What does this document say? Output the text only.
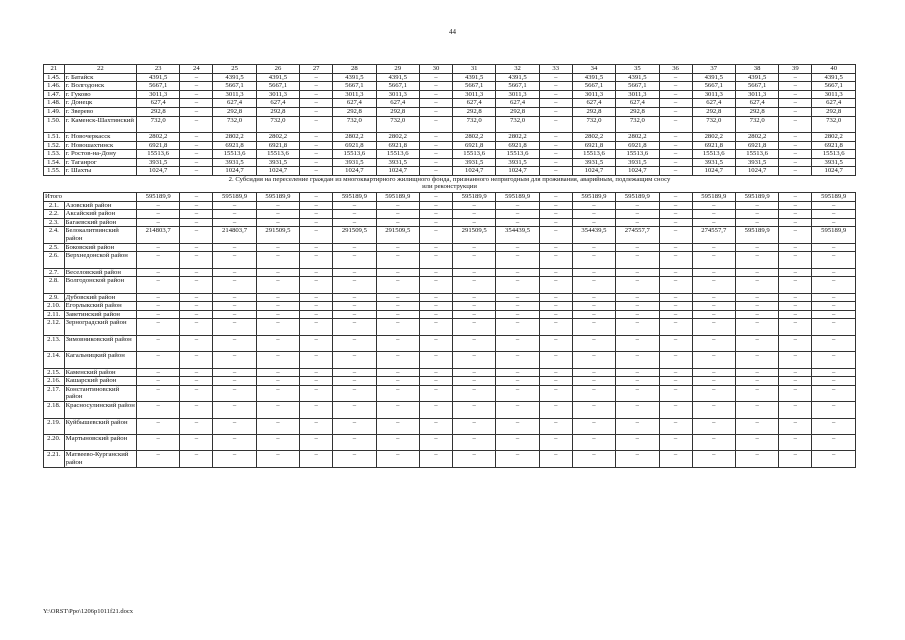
44
21	22	23	24	25	26	27	28	29	30	31	32	33	34	35	36	37	38	39	40
1.45.	г. Батайск	4391,5	–	4391,5	4391,5	–	4391,5	4391,5	–	4391,5	4391,5	–	4391,5	4391,5	–	4391,5	4391,5	–	4391,5
1.46.	г. Волгодонск	5667,1	–	5667,1	5667,1	–	5667,1	5667,1	–	5667,1	5667,1	–	5667,1	5667,1	–	5667,1	5667,1	–	5667,1
1.47.	г. Гуково	3011,3	–	3011,3	3011,3	–	3011,3	3011,3	–	3011,3	3011,3	–	3011,3	3011,3	–	3011,3	3011,3	–	3011,3
1.48.	г. Донецк	627,4	–	627,4	627,4	–	627,4	627,4	–	627,4	627,4	–	627,4	627,4	–	627,4	627,4	–	627,4
1.49.	г. Зверево	292,8	–	292,8	292,8	–	292,8	292,8	–	292,8	292,8	–	292,8	292,8	–	292,8	292,8	–	292,8
1.50.	г. Каменск-Шахтинский	732,0	–	732,0	732,0	–	732,0	732,0	–	732,0	732,0	–	732,0	732,0	–	732,0	732,0	–	732,0
1.51.	г. Новочеркасск	2802,2	–	2802,2	2802,2	–	2802,2	2802,2	–	2802,2	2802,2	–	2802,2	2802,2	–	2802,2	2802,2	–	2802,2
1.52.	г. Новошахтинск	6921,8	–	6921,8	6921,8	–	6921,8	6921,8	–	6921,8	6921,8	–	6921,8	6921,8	–	6921,8	6921,8	–	6921,8
1.53.	г. Ростов-на-Дону	15513,6	–	15513,6	15513,6	–	15513,6	15513,6	–	15513,6	15513,6	–	15513,6	15513,6	–	15513,6	15513,6	–	15513,6
1.54.	г. Таганрог	3931,5	–	3931,5	3931,5	–	3931,5	3931,5	–	3931,5	3931,5	–	3931,5	3931,5	–	3931,5	3931,5	–	3931,5
1.55.	г. Шахты	1024,7	–	1024,7	1024,7	–	1024,7	1024,7	–	1024,7	1024,7	–	1024,7	1024,7	–	1024,7	1024,7	–	1024,7
2. Субсидия на переселение граждан из многоквартирного жилищного фонда, признанного непригодным для проживания, аварийным, подлежащим сносу или реконструкции																			
Итого		595189,9	–	595189,9	595189,9	–	595189,9	595189,9	–	595189,9	595189,9	–	595189,9	595189,9	–	595189,9	595189,9	–	595189,9
2.1.	Азовский район	–	–	–	–	–	–	–	–	–	–	–	–	–	–	–	–	–	–
2.2.	Аксайский район	–	–	–	–	–	–	–	–	–	–	–	–	–	–	–	–	–	–
2.3.	Багаевский район	–	–	–	–	–	–	–	–	–	–	–	–	–	–	–	–	–	–
2.4.	Белокалитвинский район	214803,7	–	214803,7	291509,5	–	291509,5	291509,5	–	291509,5	354439,5	–	354439,5	274557,7	–	274557,7	595189,9	–	595189,9
2.5.	Боковский район	–	–	–	–	–	–	–	–	–	–	–	–	–	–	–	–	–	–
2.6.	Верхнедонской район	–	–	–	–	–	–	–	–	–	–	–	–	–	–	–	–	–	–
2.7.	Веселовский район	–	–	–	–	–	–	–	–	–	–	–	–	–	–	–	–	–	–
2.8.	Волгодонской район	–	–	–	–	–	–	–	–	–	–	–	–	–	–	–	–	–	–
2.9.	Дубовский район	–	–	–	–	–	–	–	–	–	–	–	–	–	–	–	–	–	–
2.10.	Егорлыкский район	–	–	–	–	–	–	–	–	–	–	–	–	–	–	–	–	–	–
2.11.	Заветинский район	–	–	–	–	–	–	–	–	–	–	–	–	–	–	–	–	–	–
2.12.	Зерноградский район	–	–	–	–	–	–	–	–	–	–	–	–	–	–	–	–	–	–
2.13.	Зимовниковский район	–	–	–	–	–	–	–	–	–	–	–	–	–	–	–	–	–	–
2.14.	Кагальницкий район	–	–	–	–	–	–	–	–	–	–	–	–	–	–	–	–	–	–
2.15.	Каменский район	–	–	–	–	–	–	–	–	–	–	–	–	–	–	–	–	–	–
2.16.	Кашарский район	–	–	–	–	–	–	–	–	–	–	–	–	–	–	–	–	–	–
2.17.	Константиновский район	–	–	–	–	–	–	–	–	–	–	–	–	–	–	–	–	–	–
2.18.	Красносулинский район	–	–	–	–	–	–	–	–	–	–	–	–	–	–	–	–	–	–
2.19.	Куйбышевский район	–	–	–	–	–	–	–	–	–	–	–	–	–	–	–	–	–	–
2.20.	Мартыновский район	–	–	–	–	–	–	–	–	–	–	–	–	–	–	–	–	–	–
2.21.	Матвеево-Курганский район	–	–	–	–	–	–	–	–	–	–	–	–	–	–	–	–	–	–
Y:\ORST\Ppo\1206p1011f21.docx
